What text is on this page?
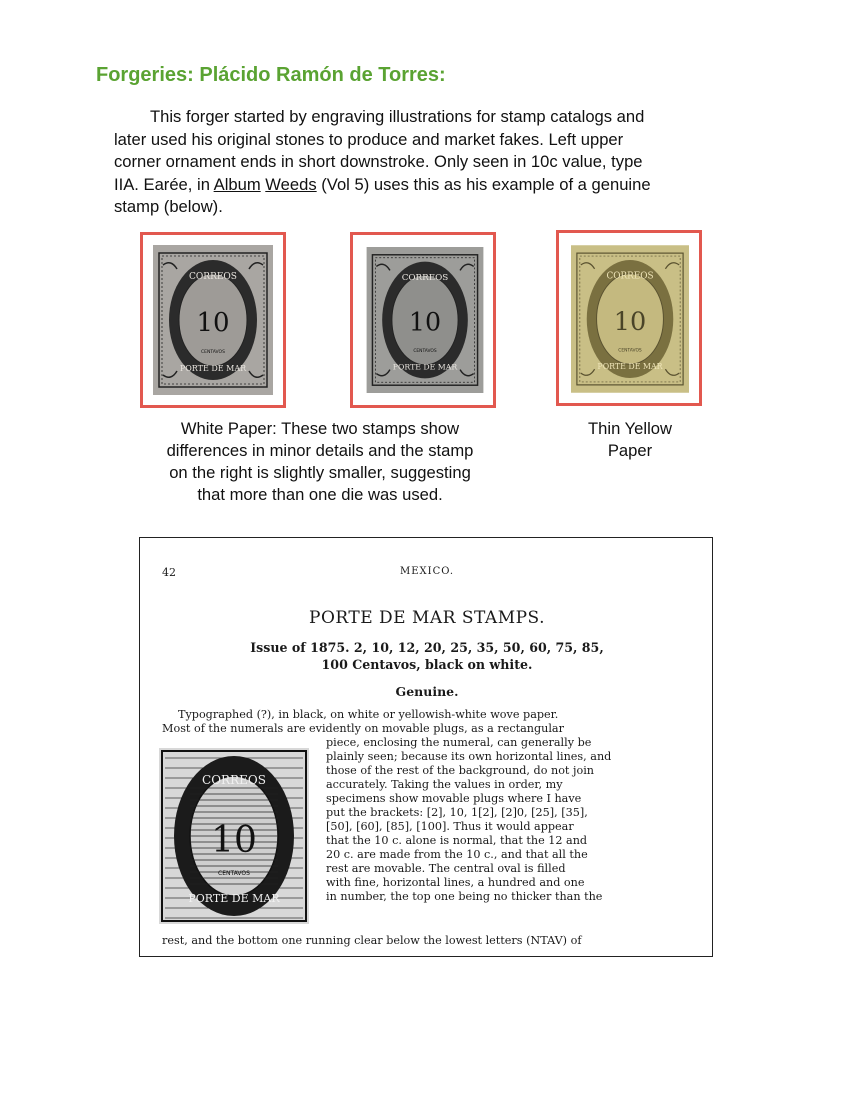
Forgeries: Plácido Ramón de Torres:
This forger started by engraving illustrations for stamp catalogs and
later used his original stones to produce and market fakes. Left upper
corner ornament ends in short downstroke. Only seen in 10c value, type
IIA. Earée, in Album Weeds (Vol 5) uses this as his example of a genuine
stamp (below).
CORREOS
10
CENTAVOS
PORTE DE MAR
CORREOS
10
CENTAVOS
PORTE DE MAR
CORREOS
10
CENTAVOS
PORTE DE MAR
White Paper: These two stamps show
differences in minor details and the stamp
on the right is slightly smaller, suggesting
that more than one die was used.
Thin Yellow
Paper
42	MEXICO.
PORTE DE MAR STAMPS.
Issue of 1875. 2, 10, 12, 20, 25, 35, 50, 60, 75, 85,
100 Centavos, black on white.
Genuine.
Typographed (?), in black, on white or yellowish-white wove paper.
Most of the numerals are evidently on movable plugs, as a rectangular
piece, enclosing the numeral, can generally be
plainly seen; because its own horizontal lines, and
those of the rest of the background, do not join
accurately. Taking the values in order, my
specimens show movable plugs where I have
put the brackets: [2], 10, 1[2], [2]0, [25], [35],
[50], [60], [85], [100]. Thus it would appear
that the 10 c. alone is normal, that the 12 and
20 c. are made from the 10 c., and that all the
rest are movable. The central oval is filled
with fine, horizontal lines, a hundred and one
in number, the top one being no thicker than the
rest, and the bottom one running clear below the lowest letters (NTAV) of
CORREOS
10
CENTAVOS
PORTE DE MAR
